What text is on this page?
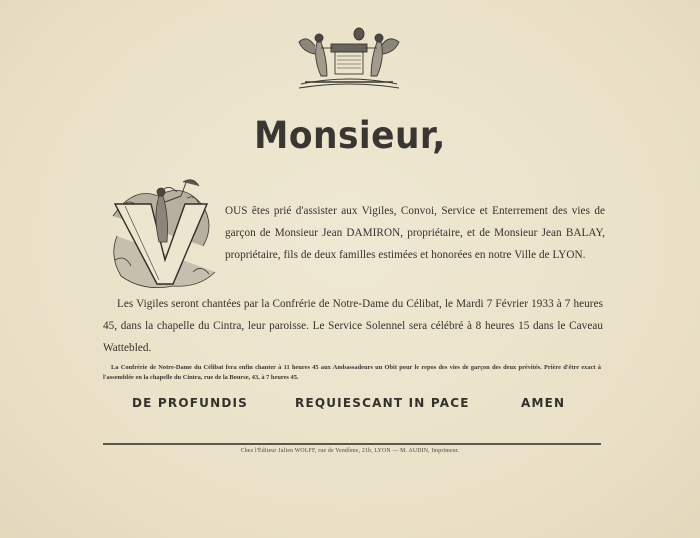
Monsieur,
OUS êtes prié d'assister aux Vigiles, Convoi, Service et Enterrement des vies de garçon de Monsieur Jean DAMIRON, propriétaire, et de Monsieur Jean BALAY, propriétaire, fils de deux familles estimées et honorées en notre Ville de LYON.
Les Vigiles seront chantées par la Confrérie de Notre-Dame du Célibat, le Mardi 7 Février 1933 à 7 heures 45, dans la chapelle du Cintra, leur paroisse. Le Service Solennel sera célébré à 8 heures 15 dans le Caveau Wattebled.
La Confrérie de Notre-Dame du Célibat fera enfin chanter à 11 heures 45 aux Ambassadeurs un Obit pour le repos des vies de garçon des deux prévités. Prière d'être exact à l'assemblée en la chapelle du Cintra, rue de la Bourse, 43, à 7 heures 45.
DE PROFUNDIS	REQUIESCANT IN PACE	AMEN
Chez l'Éditeur Julien WOLFF, rue de Vendôme, 21b, LYON — M. AUDIN, Imprimeur.
